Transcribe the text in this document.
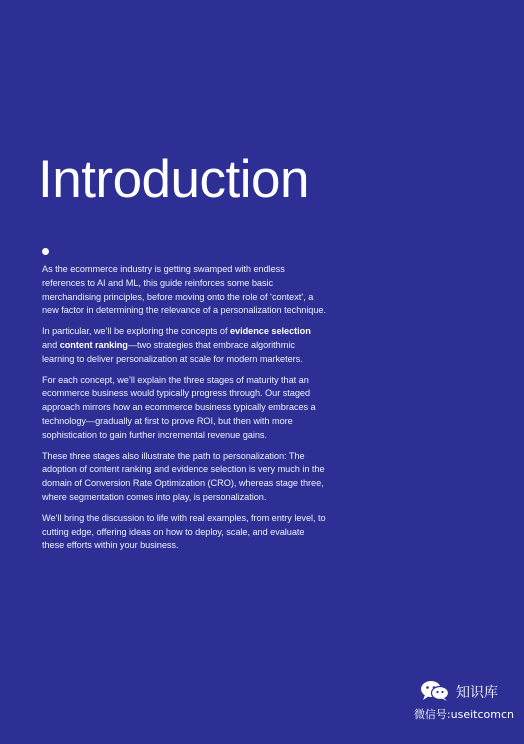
Introduction

As the ecommerce industry is getting swamped with endless references to AI and ML, this guide reinforces some basic merchandising principles, before moving onto the role of ‘context’, a new factor in determining the relevance of a personalization technique.

In particular, we’ll be exploring the concepts of evidence selection and content ranking—two strategies that embrace algorithmic learning to deliver personalization at scale for modern marketers.

For each concept, we’ll explain the three stages of maturity that an ecommerce business would typically progress through. Our staged approach mirrors how an ecommerce business typically embraces a technology—gradually at first to prove ROI, but then with more sophistication to gain further incremental revenue gains.

These three stages also illustrate the path to personalization: The adoption of content ranking and evidence selection is very much in the domain of Conversion Rate Optimization (CRO), whereas stage three, where segmentation comes into play, is personalization.

We’ll bring the discussion to life with real examples, from entry level, to cutting edge, offering ideas on how to deploy, scale, and evaluate these efforts within your business.

知识库
微信号:useitcomcn
